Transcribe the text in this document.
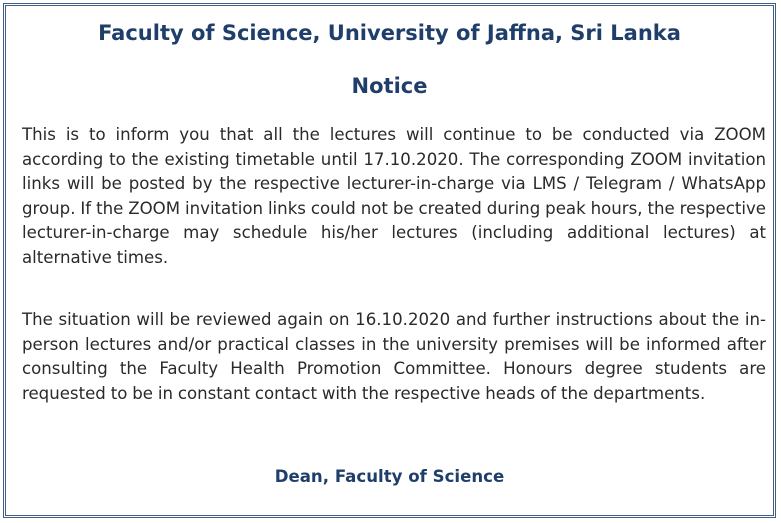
Faculty of Science, University of Jaffna, Sri Lanka
Notice

This is to inform you that all the lectures will continue to be conducted via ZOOM according to the existing timetable until 17.10.2020. The corresponding ZOOM invitation links will be posted by the respective lecturer-in-charge via LMS / Telegram / WhatsApp group. If the ZOOM invitation links could not be created during peak hours, the respective lecturer-in-charge may schedule his/her lectures (including additional lectures) at alternative times.

The situation will be reviewed again on 16.10.2020 and further instructions about the in-person lectures and/or practical classes in the university premises will be informed after consulting the Faculty Health Promotion Committee. Honours degree students are requested to be in constant contact with the respective heads of the departments.

Dean, Faculty of Science
